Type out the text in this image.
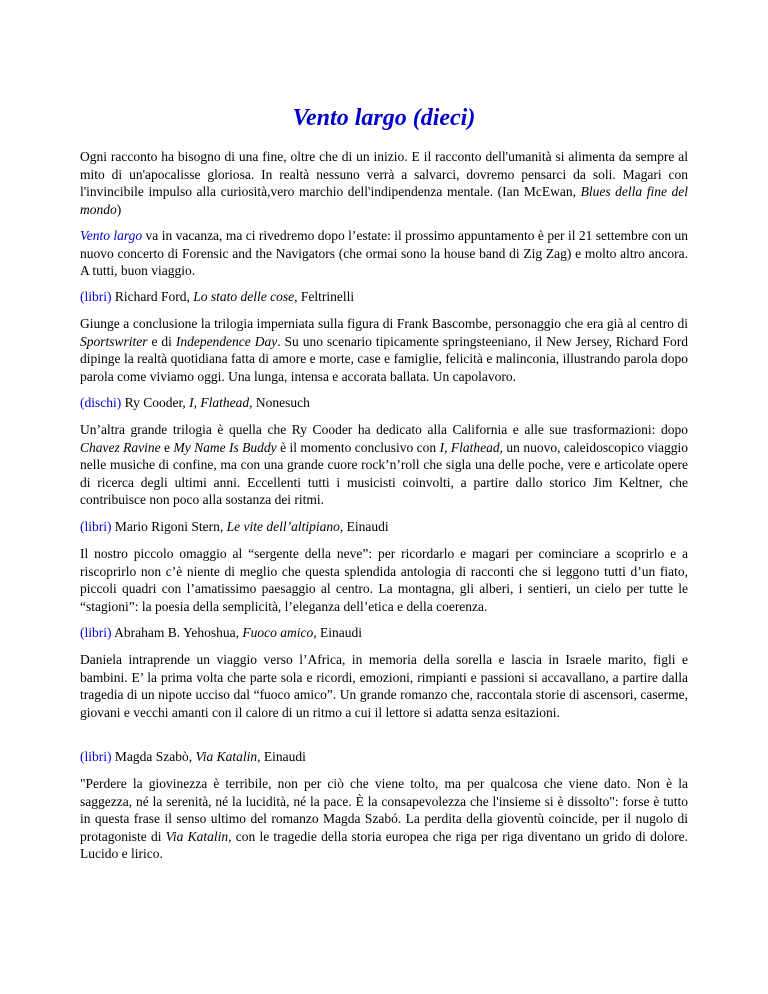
Vento largo (dieci)

Ogni racconto ha bisogno di una fine, oltre che di un inizio. E il racconto dell'umanità si alimenta da sempre al mito di un'apocalisse gloriosa. In realtà nessuno verrà a salvarci, dovremo pensarci da soli. Magari con l'invincibile impulso alla curiosità,vero marchio dell'indipendenza mentale. (Ian McEwan, Blues della fine del mondo)

Vento largo va in vacanza, ma ci rivedremo dopo l’estate: il prossimo appuntamento è per il 21 settembre con un nuovo concerto di Forensic and the Navigators (che ormai sono la house band di Zig Zag) e molto altro ancora. A tutti, buon viaggio.

(libri) Richard Ford, Lo stato delle cose, Feltrinelli

Giunge a conclusione la trilogia imperniata sulla figura di Frank Bascombe, personaggio che era già al centro di Sportswriter e di Independence Day. Su uno scenario tipicamente springsteeniano, il New Jersey, Richard Ford dipinge la realtà quotidiana fatta di amore e morte, case e famiglie, felicità e malinconia, illustrando parola dopo parola come viviamo oggi. Una lunga, intensa e accorata ballata. Un capolavoro.

(dischi) Ry Cooder, I, Flathead, Nonesuch

Un’altra grande trilogia è quella che Ry Cooder ha dedicato alla California e alle sue trasformazioni: dopo Chavez Ravine e My Name Is Buddy è il momento conclusivo con I, Flathead, un nuovo, caleidoscopico viaggio nelle musiche di confine, ma con una grande cuore rock’n’roll che sigla una delle poche, vere e articolate opere di ricerca degli ultimi anni. Eccellenti tutti i musicisti coinvolti, a partire dallo storico Jim Keltner, che contribuisce non poco alla sostanza dei ritmi.

(libri) Mario Rigoni Stern, Le vite dell’altipiano, Einaudi

Il nostro piccolo omaggio al “sergente della neve”: per ricordarlo e magari per cominciare a scoprirlo e a riscoprirlo non c’è niente di meglio che questa splendida antologia di racconti che si leggono tutti d’un fiato, piccoli quadri con l’amatissimo paesaggio al centro. La montagna, gli alberi, i sentieri, un cielo per tutte le “stagioni”: la poesia della semplicità, l’eleganza dell’etica e della coerenza.

(libri) Abraham B. Yehoshua, Fuoco amico, Einaudi

Daniela intraprende un viaggio verso l’Africa, in memoria della sorella e lascia in Israele marito, figli e bambini. E’ la prima volta che parte sola e ricordi, emozioni, rimpianti e passioni si accavallano, a partire dalla tragedia di un nipote ucciso dal “fuoco amico”. Un grande romanzo che, raccontala storie di ascensori, caserme, giovani e vecchi amanti con il calore di un ritmo a cui il lettore si adatta senza esitazioni.

(libri) Magda Szabò, Via Katalin, Einaudi

"Perdere la giovinezza è terribile, non per ciò che viene tolto, ma per qualcosa che viene dato. Non è la saggezza, né la serenità, né la lucidità, né la pace. È la consapevolezza che l'insieme si è dissolto": forse è tutto in questa frase il senso ultimo del romanzo Magda Szabó. La perdita della gioventù coincide, per il nugolo di protagoniste di Via Katalin, con le tragedie della storia europea che riga per riga diventano un grido di dolore. Lucido e lirico.
